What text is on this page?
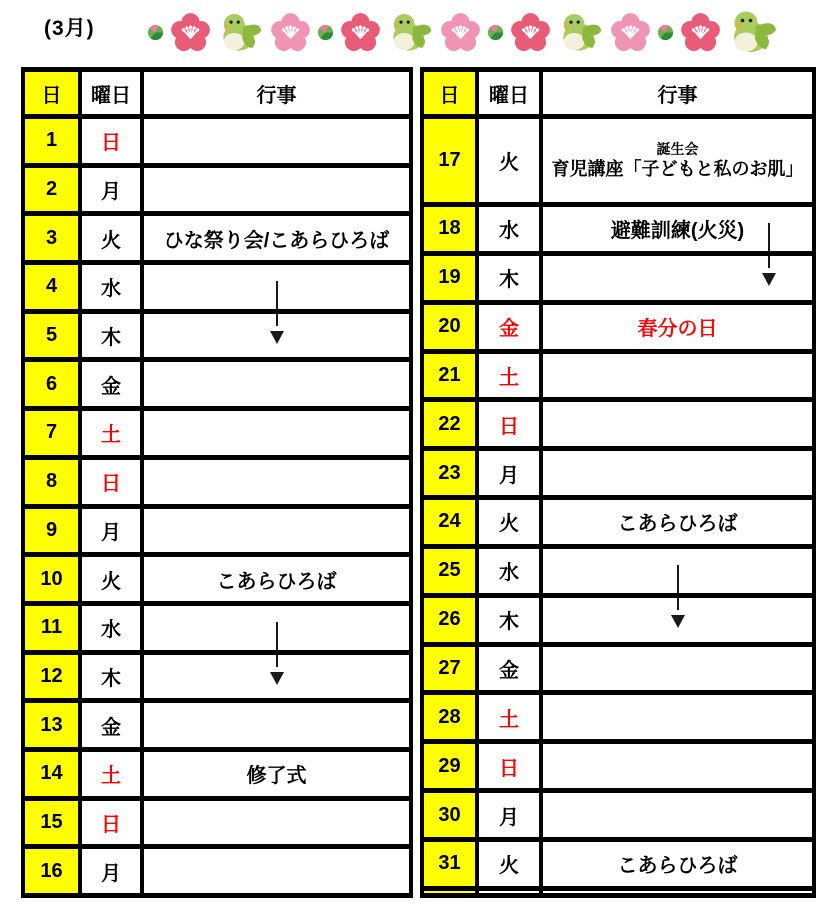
(3月)
日	曜日	行事
1	日	
2	月	
3	火	ひな祭り会/こあらひろば
4	水	

5	木	

6	金	
7	土	
8	日	
9	月	
10	火	こあらひろば
11	水	

12	木	

13	金	
14	土	修了式
15	日	
16	月	
日	曜日	行事
17	火	誕生会
育児講座「子どもと私のお肌」

18	水	避難訓練(火災)

19	木	

20	金	春分の日
21	土	
22	日	
23	月	
24	火	こあらひろば
25	水	

26	木	

27	金	
28	土	
29	日	
30	月	
31	火	こあらひろば
